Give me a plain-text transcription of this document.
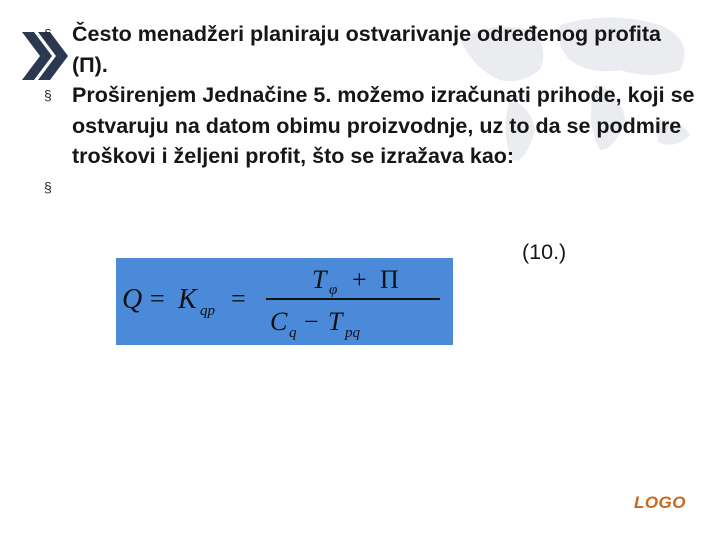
§ Često menadžeri planiraju ostvarivanje određenog profita (Π).
§ Proširenjem Jednačine 5. možemo izračunati prihode, koji se ostvaruju na datom obimu proizvodnje, uz to da se podmire troškovi i željeni profit, što se izražava kao:
§
(10.)
Q = K qp =
T φ + Π
C q − T pq
LOGO
